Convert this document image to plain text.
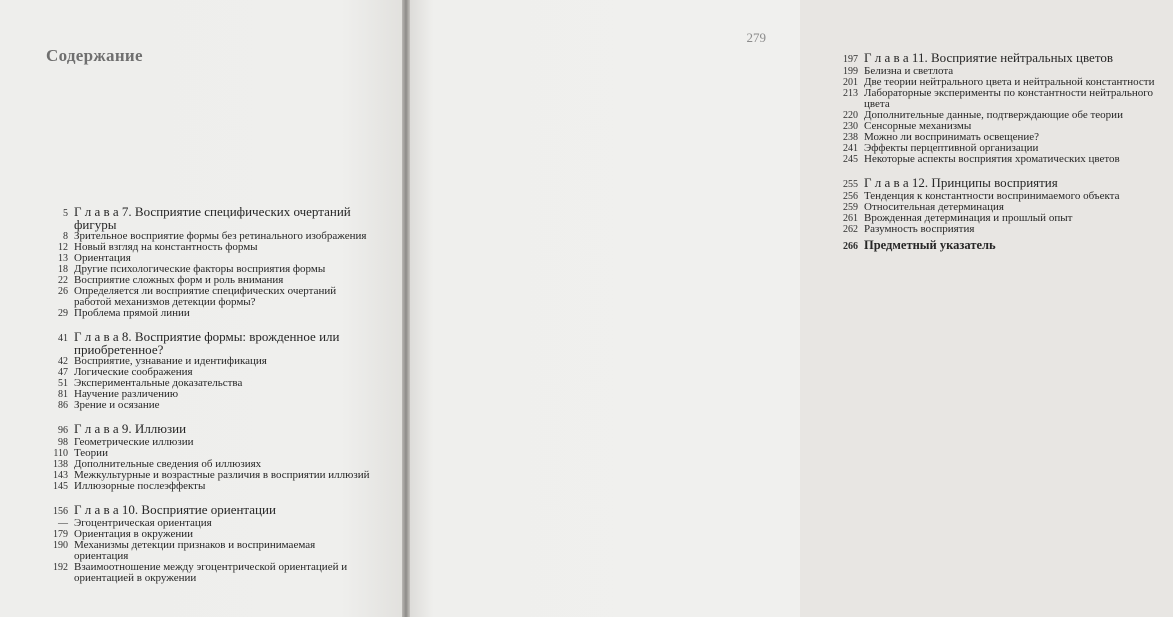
Содержание
5 Г л а в а 7. Восприятие специфических очертаний фигуры
8 Зрительное восприятие формы без ретинального изображения
12 Новый взгляд на константность формы
13 Ориентация
18 Другие психологические факторы восприятия формы
22 Восприятие сложных форм и роль внимания
26 Определяется ли восприятие специфических очертаний работой механизмов детекции формы?
29 Проблема прямой линии
41 Г л а в а 8. Восприятие формы: врожденное или приобретенное?
42 Восприятие, узнавание и идентификация
47 Логические соображения
51 Экспериментальные доказательства
81 Научение различению
86 Зрение и осязание
96 Г л а в а 9. Иллюзии
98 Геометрические иллюзии
110 Теории
138 Дополнительные сведения об иллюзиях
143 Межкультурные и возрастные различия в восприятии иллюзий
145 Иллюзорные послеэффекты
156 Г л а в а 10. Восприятие ориентации
— Эгоцентрическая ориентация
179 Ориентация в окружении
190 Механизмы детекции признаков и воспринимаемая ориентация
192 Взаимоотношение между эгоцентрической ориентацией и ориентацией в окружении
279
197 Г л а в а 11. Восприятие нейтральных цветов
199 Белизна и светлота
201 Две теории нейтрального цвета и нейтральной константности
213 Лабораторные эксперименты по константности нейтрального цвета
220 Дополнительные данные, подтверждающие обе теории
230 Сенсорные механизмы
238 Можно ли воспринимать освещение?
241 Эффекты перцептивной организации
245 Некоторые аспекты восприятия хроматических цветов
255 Г л а в а 12. Принципы восприятия
256 Тенденция к константности воспринимаемого объекта
259 Относительная детерминация
261 Врожденная детерминация и прошлый опыт
262 Разумность восприятия
266 Предметный указатель
